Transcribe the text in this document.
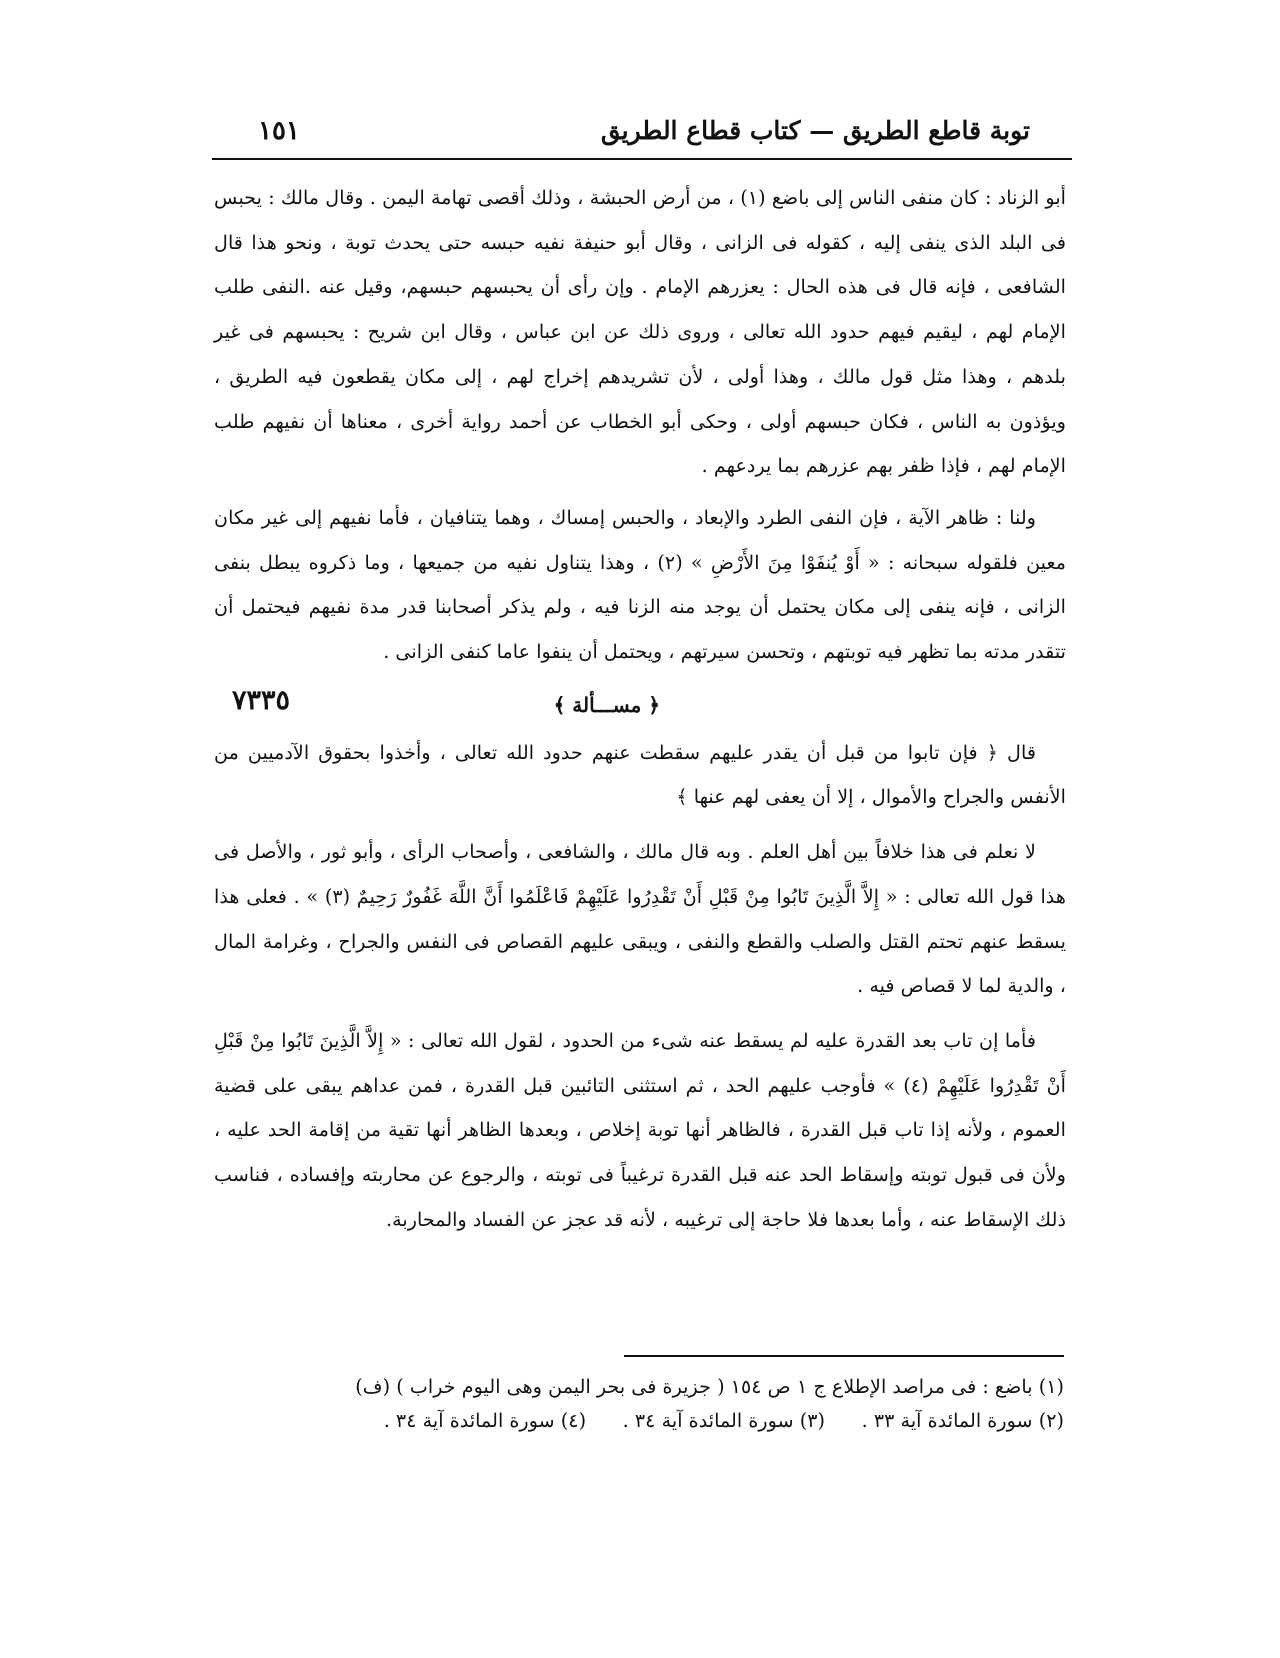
توبة قاطع الطريق — كتاب قطاع الطريق
١٥١

أبو الزناد : كان منفى الناس إلى باضع (١) ، من أرض الحبشة ، وذلك أقصى تهامة اليمن . وقال مالك : يحبس فى البلد الذى ينفى إليه ، كقوله فى الزانى ، وقال أبو حنيفة نفيه حبسه حتى يحدث توبة ، ونحو هذا قال الشافعى ، فإنه قال فى هذه الحال : يعزرهم الإمام . وإن رأى أن يحبسهم حبسهم، وقيل عنه .النفى طلب الإمام لهم ، ليقيم فيهم حدود الله تعالى ، وروى ذلك عن ابن عباس ، وقال ابن شريح : يحبسهم فى غير بلدهم ، وهذا مثل قول مالك ، وهذا أولى ، لأن تشريدهم إخراج لهم ، إلى مكان يقطعون فيه الطريق ، ويؤذون به الناس ، فكان حبسهم أولى ، وحكى أبو الخطاب عن أحمد رواية أخرى ، معناها أن نفيهم طلب الإمام لهم ، فإذا ظفر بهم عزرهم بما يردعهم .

ولنا : ظاهر الآية ، فإن النفى الطرد والإبعاد ، والحبس إمساك ، وهما يتنافيان ، فأما نفيهم إلى غير مكان معين فلقوله سبحانه : « أَوْ يُنفَوْا مِنَ الأَرْضِ » (٢) ، وهذا يتناول نفيه من جميعها ، وما ذكروه يبطل بنفى الزانى ، فإنه ينفى إلى مكان يحتمل أن يوجد منه الزنا فيه ، ولم يذكر أصحابنا قدر مدة نفيهم فيحتمل أن تتقدر مدته بما تظهر فيه توبتهم ، وتحسن سيرتهم ، ويحتمل أن ينفوا عاما كنفى الزانى .

﴿ مســـألة ﴾
٧٣٣٥

قال ﴿ فإن تابوا من قبل أن يقدر عليهم سقطت عنهم حدود الله تعالى ، وأخذوا بحقوق الآدميين من الأنفس والجراح والأموال ، إلا أن يعفى لهم عنها ﴾

لا نعلم فى هذا خلافاً بين أهل العلم . وبه قال مالك ، والشافعى ، وأصحاب الرأى ، وأبو ثور ، والأصل فى هذا قول الله تعالى : « إِلاَّ الَّذِينَ تَابُوا مِنْ قَبْلِ أَنْ تَقْدِرُوا عَلَيْهِمْ فَاعْلَمُوا أَنَّ اللَّهَ غَفُورٌ رَحِيمٌ (٣) » . فعلى هذا يسقط عنهم تحتم القتل والصلب والقطع والنفى ، ويبقى عليهم القصاص فى النفس والجراح ، وغرامة المال ، والدية لما لا قصاص فيه .

فأما إن تاب بعد القدرة عليه لم يسقط عنه شىء من الحدود ، لقول الله تعالى : « إِلاَّ الَّذِينَ تَابُوا مِنْ قَبْلِ أَنْ تَقْدِرُوا عَلَيْهِمْ (٤) » فأوجب عليهم الحد ، ثم استثنى التائبين قبل القدرة ، فمن عداهم يبقى على قضية العموم ، ولأنه إذا تاب قبل القدرة ، فالظاهر أنها توبة إخلاص ، وبعدها الظاهر أنها تقية من إقامة الحد عليه ، ولأن فى قبول توبته وإسقاط الحد عنه قبل القدرة ترغيباً فى توبته ، والرجوع عن محاربته وإفساده ، فناسب ذلك الإسقاط عنه ، وأما بعدها فلا حاجة إلى ترغيبه ، لأنه قد عجز عن الفساد والمحاربة.

(١) باضع : فى مراصد الإطلاع ج ١ ص ١٥٤ ( جزيرة فى بحر اليمن وهى اليوم خراب ) (ف)
(٢) سورة المائدة آية ٣٣ .      (٣) سورة المائدة آية ٣٤ .      (٤) سورة المائدة آية ٣٤ .
